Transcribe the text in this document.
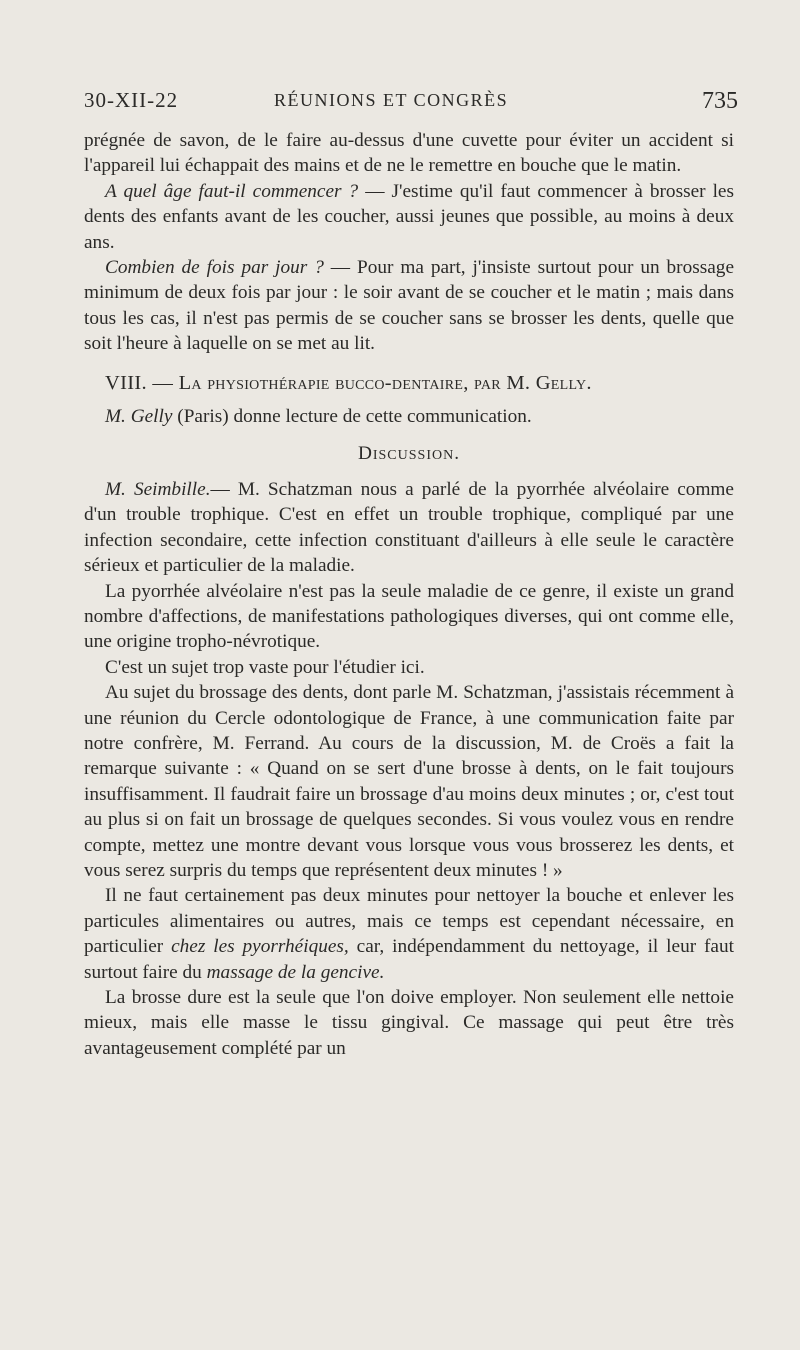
30-XII-22	RÉUNIONS ET CONGRÈS	735

prégnée de savon, de le faire au-dessus d'une cuvette pour éviter un accident si l'appareil lui échappait des mains et de ne le remettre en bouche que le matin.

A quel âge faut-il commencer ? — J'estime qu'il faut commencer à brosser les dents des enfants avant de les coucher, aussi jeunes que possible, au moins à deux ans.

Combien de fois par jour ? — Pour ma part, j'insiste surtout pour un brossage minimum de deux fois par jour : le soir avant de se coucher et le matin ; mais dans tous les cas, il n'est pas permis de se coucher sans se brosser les dents, quelle que soit l'heure à laquelle on se met au lit.

VIII. — La physiothérapie bucco-dentaire, par M. Gelly.

M. Gelly (Paris) donne lecture de cette communication.

Discussion.

M. Seimbille.— M. Schatzman nous a parlé de la pyorrhée alvéolaire comme d'un trouble trophique. C'est en effet un trouble trophique, compliqué par une infection secondaire, cette infection constituant d'ailleurs à elle seule le caractère sérieux et particulier de la maladie.

La pyorrhée alvéolaire n'est pas la seule maladie de ce genre, il existe un grand nombre d'affections, de manifestations pathologiques diverses, qui ont comme elle, une origine tropho-névrotique.

C'est un sujet trop vaste pour l'étudier ici.

Au sujet du brossage des dents, dont parle M. Schatzman, j'assistais récemment à une réunion du Cercle odontologique de France, à une communication faite par notre confrère, M. Ferrand. Au cours de la discussion, M. de Croës a fait la remarque suivante : « Quand on se sert d'une brosse à dents, on le fait toujours insuffisamment. Il faudrait faire un brossage d'au moins deux minutes ; or, c'est tout au plus si on fait un brossage de quelques secondes. Si vous voulez vous en rendre compte, mettez une montre devant vous lorsque vous vous brosserez les dents, et vous serez surpris du temps que représentent deux minutes ! »

Il ne faut certainement pas deux minutes pour nettoyer la bouche et enlever les particules alimentaires ou autres, mais ce temps est cependant nécessaire, en particulier chez les pyorrhéiques, car, indépendamment du nettoyage, il leur faut surtout faire du massage de la gencive.

La brosse dure est la seule que l'on doive employer. Non seulement elle nettoie mieux, mais elle masse le tissu gingival. Ce massage qui peut être très avantageusement complété par un
